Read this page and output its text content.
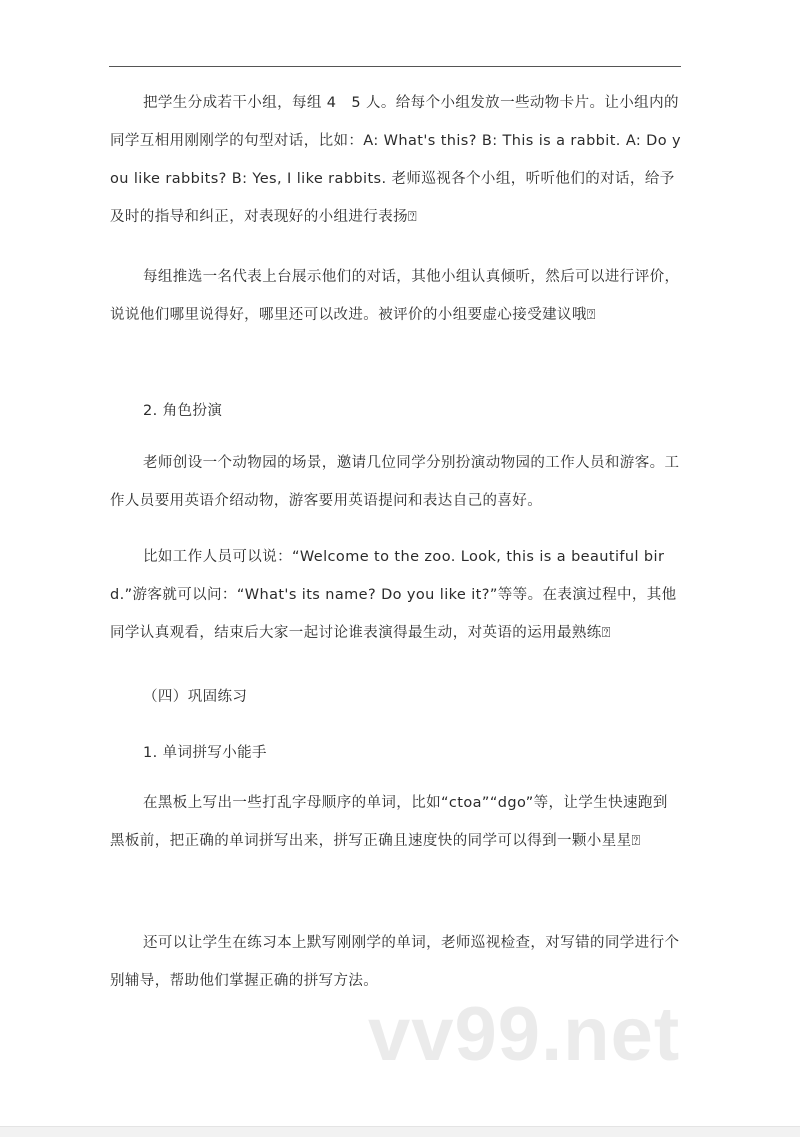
把学生分成若干小组，每组 4　5 人。给每个小组发放一些动物卡片。让小组内的同学互相用刚刚学的句型对话，比如：A: What's this? B: This is a rabbit. A: Do you like rabbits? B: Yes, I like rabbits. 老师巡视各个小组，听听他们的对话，给予及时的指导和纠正，对表现好的小组进行表扬⍰

每组推选一名代表上台展示他们的对话，其他小组认真倾听，然后可以进行评价，说说他们哪里说得好，哪里还可以改进。被评价的小组要虚心接受建议哦⍰

2. 角色扮演

老师创设一个动物园的场景，邀请几位同学分别扮演动物园的工作人员和游客。工作人员要用英语介绍动物，游客要用英语提问和表达自己的喜好。

比如工作人员可以说：“Welcome to the zoo. Look, this is a beautiful bird.”游客就可以问：“What's its name? Do you like it?”等等。在表演过程中，其他同学认真观看，结束后大家一起讨论谁表演得最生动，对英语的运用最熟练⍰

（四）巩固练习

1. 单词拼写小能手

在黑板上写出一些打乱字母顺序的单词，比如“ctoa”“dgo”等，让学生快速跑到黑板前，把正确的单词拼写出来，拼写正确且速度快的同学可以得到一颗小星星⍰

还可以让学生在练习本上默写刚刚学的单词，老师巡视检查，对写错的同学进行个别辅导，帮助他们掌握正确的拼写方法。

vv99.net
